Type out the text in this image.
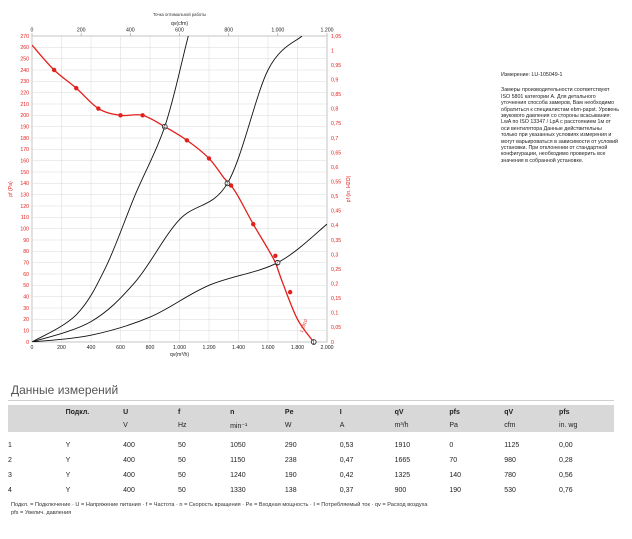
0
10
20
30
40
50
60
70
80
90
100
110
120
130
140
150
160
170
180
190
200
210
220
230
240
250
260
270
0	200	400	600	800	1.000	1.200	1.400	1.600	1.800	2.000
0	200	400	600	800	1.000	1.200
0
0,05
0,1
0,15
0,2
0,25
0,3
0,35
0,4
0,45
0,5
0,55
0,6
0,65
0,7
0,75
0,8
0,85
0,9
0,95
1
1,05
qv(cfm)
Точка оптимальной работы
qv(m³/h)
pf (Pa)	pf (in. H2O)
1
2
3
4
1 1910
Измерение: LU-105049-1
Замеры производительности соответствуют ISO 5801 категории А. Для детального уточнения способа замеров, Вам необходимо обратиться к специалистам ebm-papst. Уровень звукового давления со стороны всасывания: LwA по ISO 13347 / LpA с расстоянием 1м от оси вентилятора Данные действительны только при указанных условиях измерения и могут варьироваться в зависимости от условий установки. При отклонении от стандартной конфигурации, необходимо проверить все значения в собранной установке.
Данные измерений
	Подкл.	U	f	n	Pe	I	qV	pfs	qV	pfs
		V	Hz	min⁻¹	W	A	m³/h	Pa	cfm	in. wg

1	Y	400	50	1050	290	0,53	1910	0	1125	0,00
2	Y	400	50	1150	238	0,47	1665	70	980	0,28
3	Y	400	50	1240	190	0,42	1325	140	780	0,56
4	Y	400	50	1330	138	0,37	900	190	530	0,76
Подкл. = Подключение · U = Напряжение питания · f = Частота · n = Скорость вращения · Pe = Входная мощность · I = Потребляемый ток · qv = Расход воздуха
pfs = Увелич. давления
